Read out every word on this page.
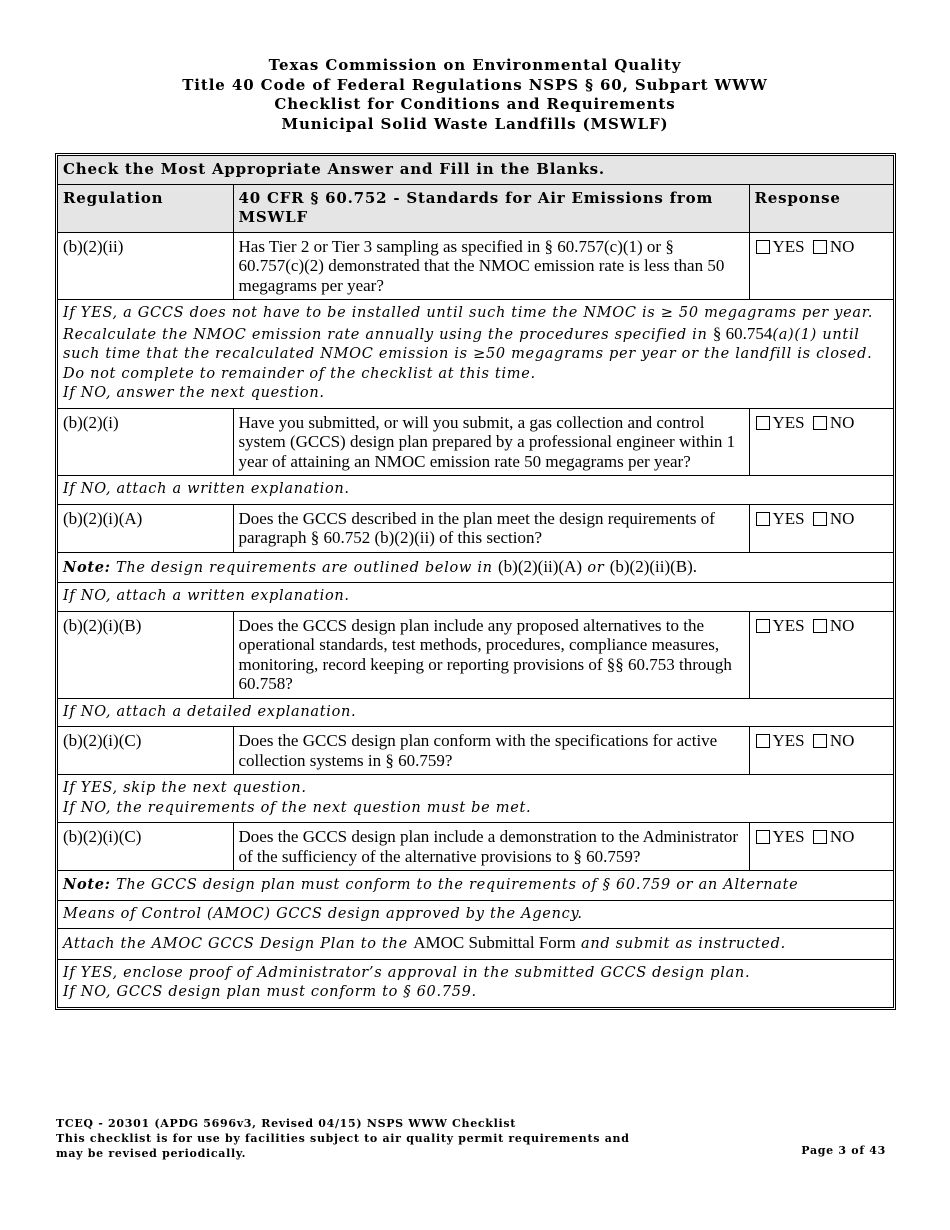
Texas Commission on Environmental Quality
Title 40 Code of Federal Regulations NSPS § 60, Subpart WWW
Checklist for Conditions and Requirements
Municipal Solid Waste Landfills (MSWLF)
Check the Most Appropriate Answer and Fill in the Blanks.		
Regulation	40 CFR § 60.752 - Standards for Air Emissions from MSWLF	Response
(b)(2)(ii)	Has Tier 2 or Tier 3 sampling as specified in § 60.757(c)(1) or § 60.757(c)(2) demonstrated that the NMOC emission rate is less than 50 megagrams per year?	YES NO
If YES, a GCCS does not have to be installed until such time the NMOC is ≥ 50 megagrams per year. Recalculate the NMOC emission rate annually using the procedures specified in § 60.754(a)(1) until such time that the recalculated NMOC emission is ≥50 megagrams per year or the landfill is closed. Do not complete to remainder of the checklist at this time.
If NO, answer the next question.		
(b)(2)(i)	Have you submitted, or will you submit, a gas collection and control system (GCCS) design plan prepared by a professional engineer within 1 year of attaining an NMOC emission rate 50 megagrams per year?	YES NO
If NO, attach a written explanation.		
(b)(2)(i)(A)	Does the GCCS described in the plan meet the design requirements of paragraph § 60.752 (b)(2)(ii) of this section?	YES NO
Note: The design requirements are outlined below in (b)(2)(ii)(A) or (b)(2)(ii)(B).		
If NO, attach a written explanation.		
(b)(2)(i)(B)	Does the GCCS design plan include any proposed alternatives to the operational standards, test methods, procedures, compliance measures, monitoring, record keeping or reporting provisions of §§ 60.753 through 60.758?	YES NO
If NO, attach a detailed explanation.		
(b)(2)(i)(C)	Does the GCCS design plan conform with the specifications for active collection systems in § 60.759?	YES NO
If YES, skip the next question.
If NO, the requirements of the next question must be met.		
(b)(2)(i)(C)	Does the GCCS design plan include a demonstration to the Administrator of the sufficiency of the alternative provisions to § 60.759?	YES NO
Note: The GCCS design plan must conform to the requirements of § 60.759 or an Alternate		
Means of Control (AMOC) GCCS design approved by the Agency.		
Attach the AMOC GCCS Design Plan to the AMOC Submittal Form and submit as instructed.		
If YES, enclose proof of Administrator’s approval in the submitted GCCS design plan.
If NO, GCCS design plan must conform to § 60.759.		
TCEQ - 20301 (APDG 5696v3, Revised 04/15) NSPS WWW Checklist
This checklist is for use by facilities subject to air quality permit requirements and
may be revised periodically.	Page 3 of 43
